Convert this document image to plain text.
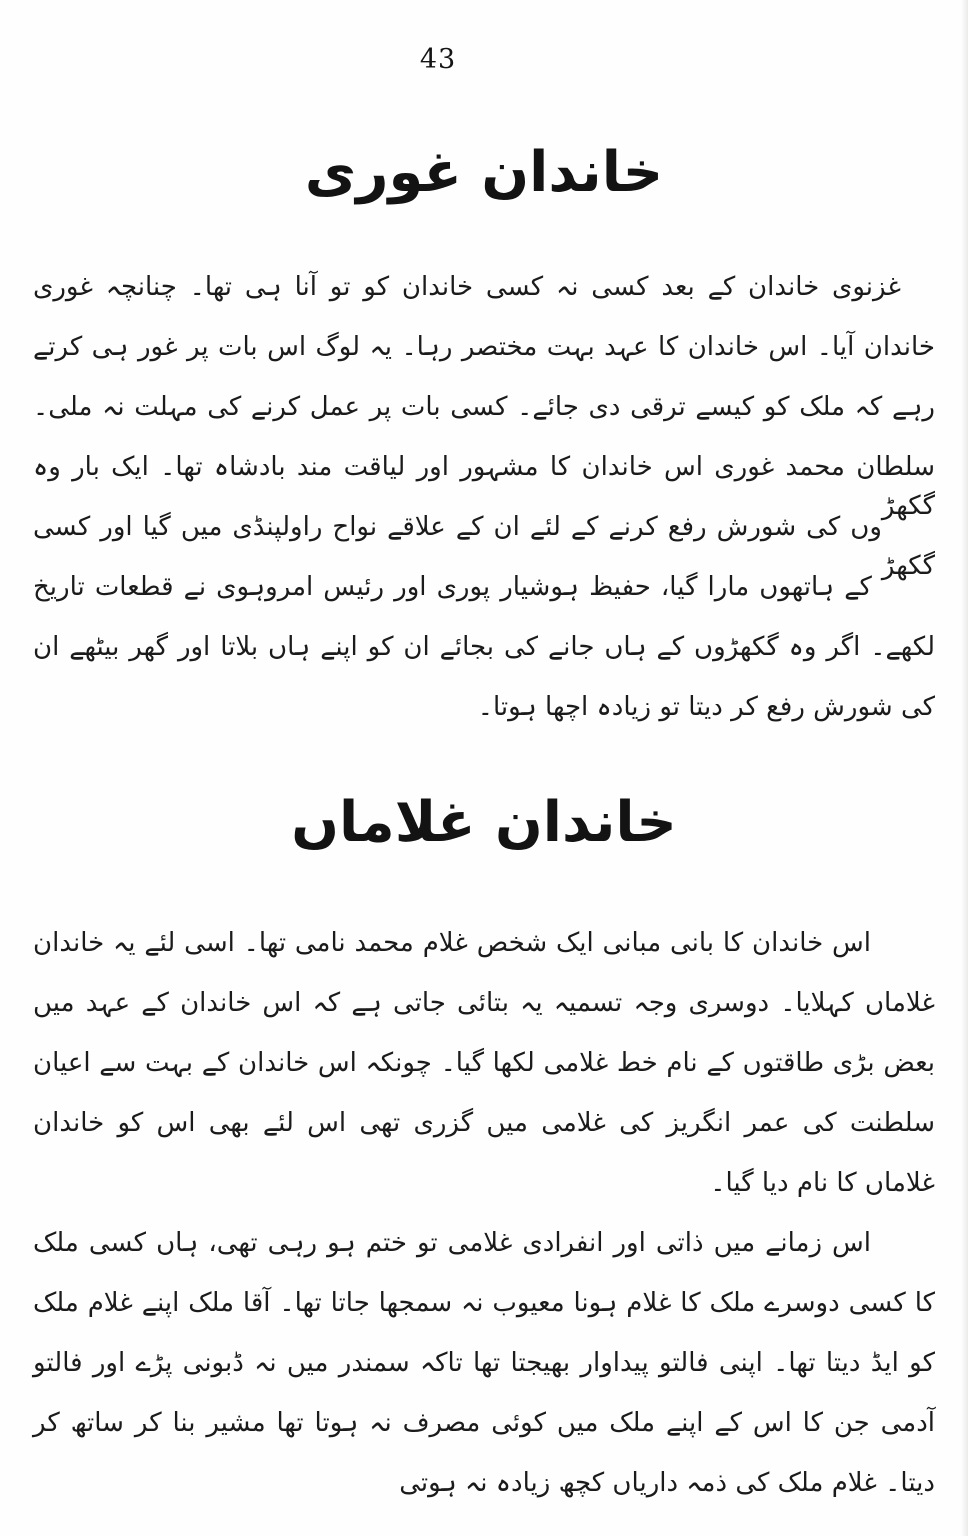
43
خاندان غوری

غزنوی خاندان کے بعد کسی نہ کسی خاندان کو تو آنا ہی تھا۔ چنانچہ غوری خاندان آیا۔ اس خاندان کا عہد بہت مختصر رہا۔ یہ لوگ اس بات پر غور ہی کرتے رہے کہ ملک کو کیسے ترقی دی جائے۔ کسی بات پر عمل کرنے کی مہلت نہ ملی۔ سلطان محمد غوری اس خاندان کا مشہور اور لیاقت مند بادشاہ تھا۔ ایک بار وہ گکھڑوں کی شورش رفع کرنے کے لئے ان کے علاقے نواح راولپنڈی میں گیا اور کسی گکھڑ کے ہاتھوں مارا گیا، حفیظ ہوشیار پوری اور رئیس امروہوی نے قطعات تاریخ لکھے۔ اگر وہ گکھڑوں کے ہاں جانے کی بجائے ان کو اپنے ہاں بلاتا اور گھر بیٹھے ان کی شورش رفع کر دیتا تو زیادہ اچھا ہوتا۔

خاندان غلاماں

اس خاندان کا بانی مبانی ایک شخص غلام محمد نامی تھا۔ اسی لئے یہ خاندان غلاماں کہلایا۔ دوسری وجہ تسمیہ یہ بتائی جاتی ہے کہ اس خاندان کے عہد میں بعض بڑی طاقتوں کے نام خط غلامی لکھا گیا۔ چونکہ اس خاندان کے بہت سے اعیان سلطنت کی عمر انگریز کی غلامی میں گزری تھی اس لئے بھی اس کو خاندان غلاماں کا نام دیا گیا۔

اس زمانے میں ذاتی اور انفرادی غلامی تو ختم ہو رہی تھی، ہاں کسی ملک کا کسی دوسرے ملک کا غلام ہونا معیوب نہ سمجھا جاتا تھا۔ آقا ملک اپنے غلام ملک کو ایڈ دیتا تھا۔ اپنی فالتو پیداوار بھیجتا تھا تاکہ سمندر میں نہ ڈبونی پڑے اور فالتو آدمی جن کا اس کے اپنے ملک میں کوئی مصرف نہ ہوتا تھا مشیر بنا کر ساتھ کر دیتا۔ غلام ملک کی ذمہ داریاں کچھ زیادہ نہ ہوتی
